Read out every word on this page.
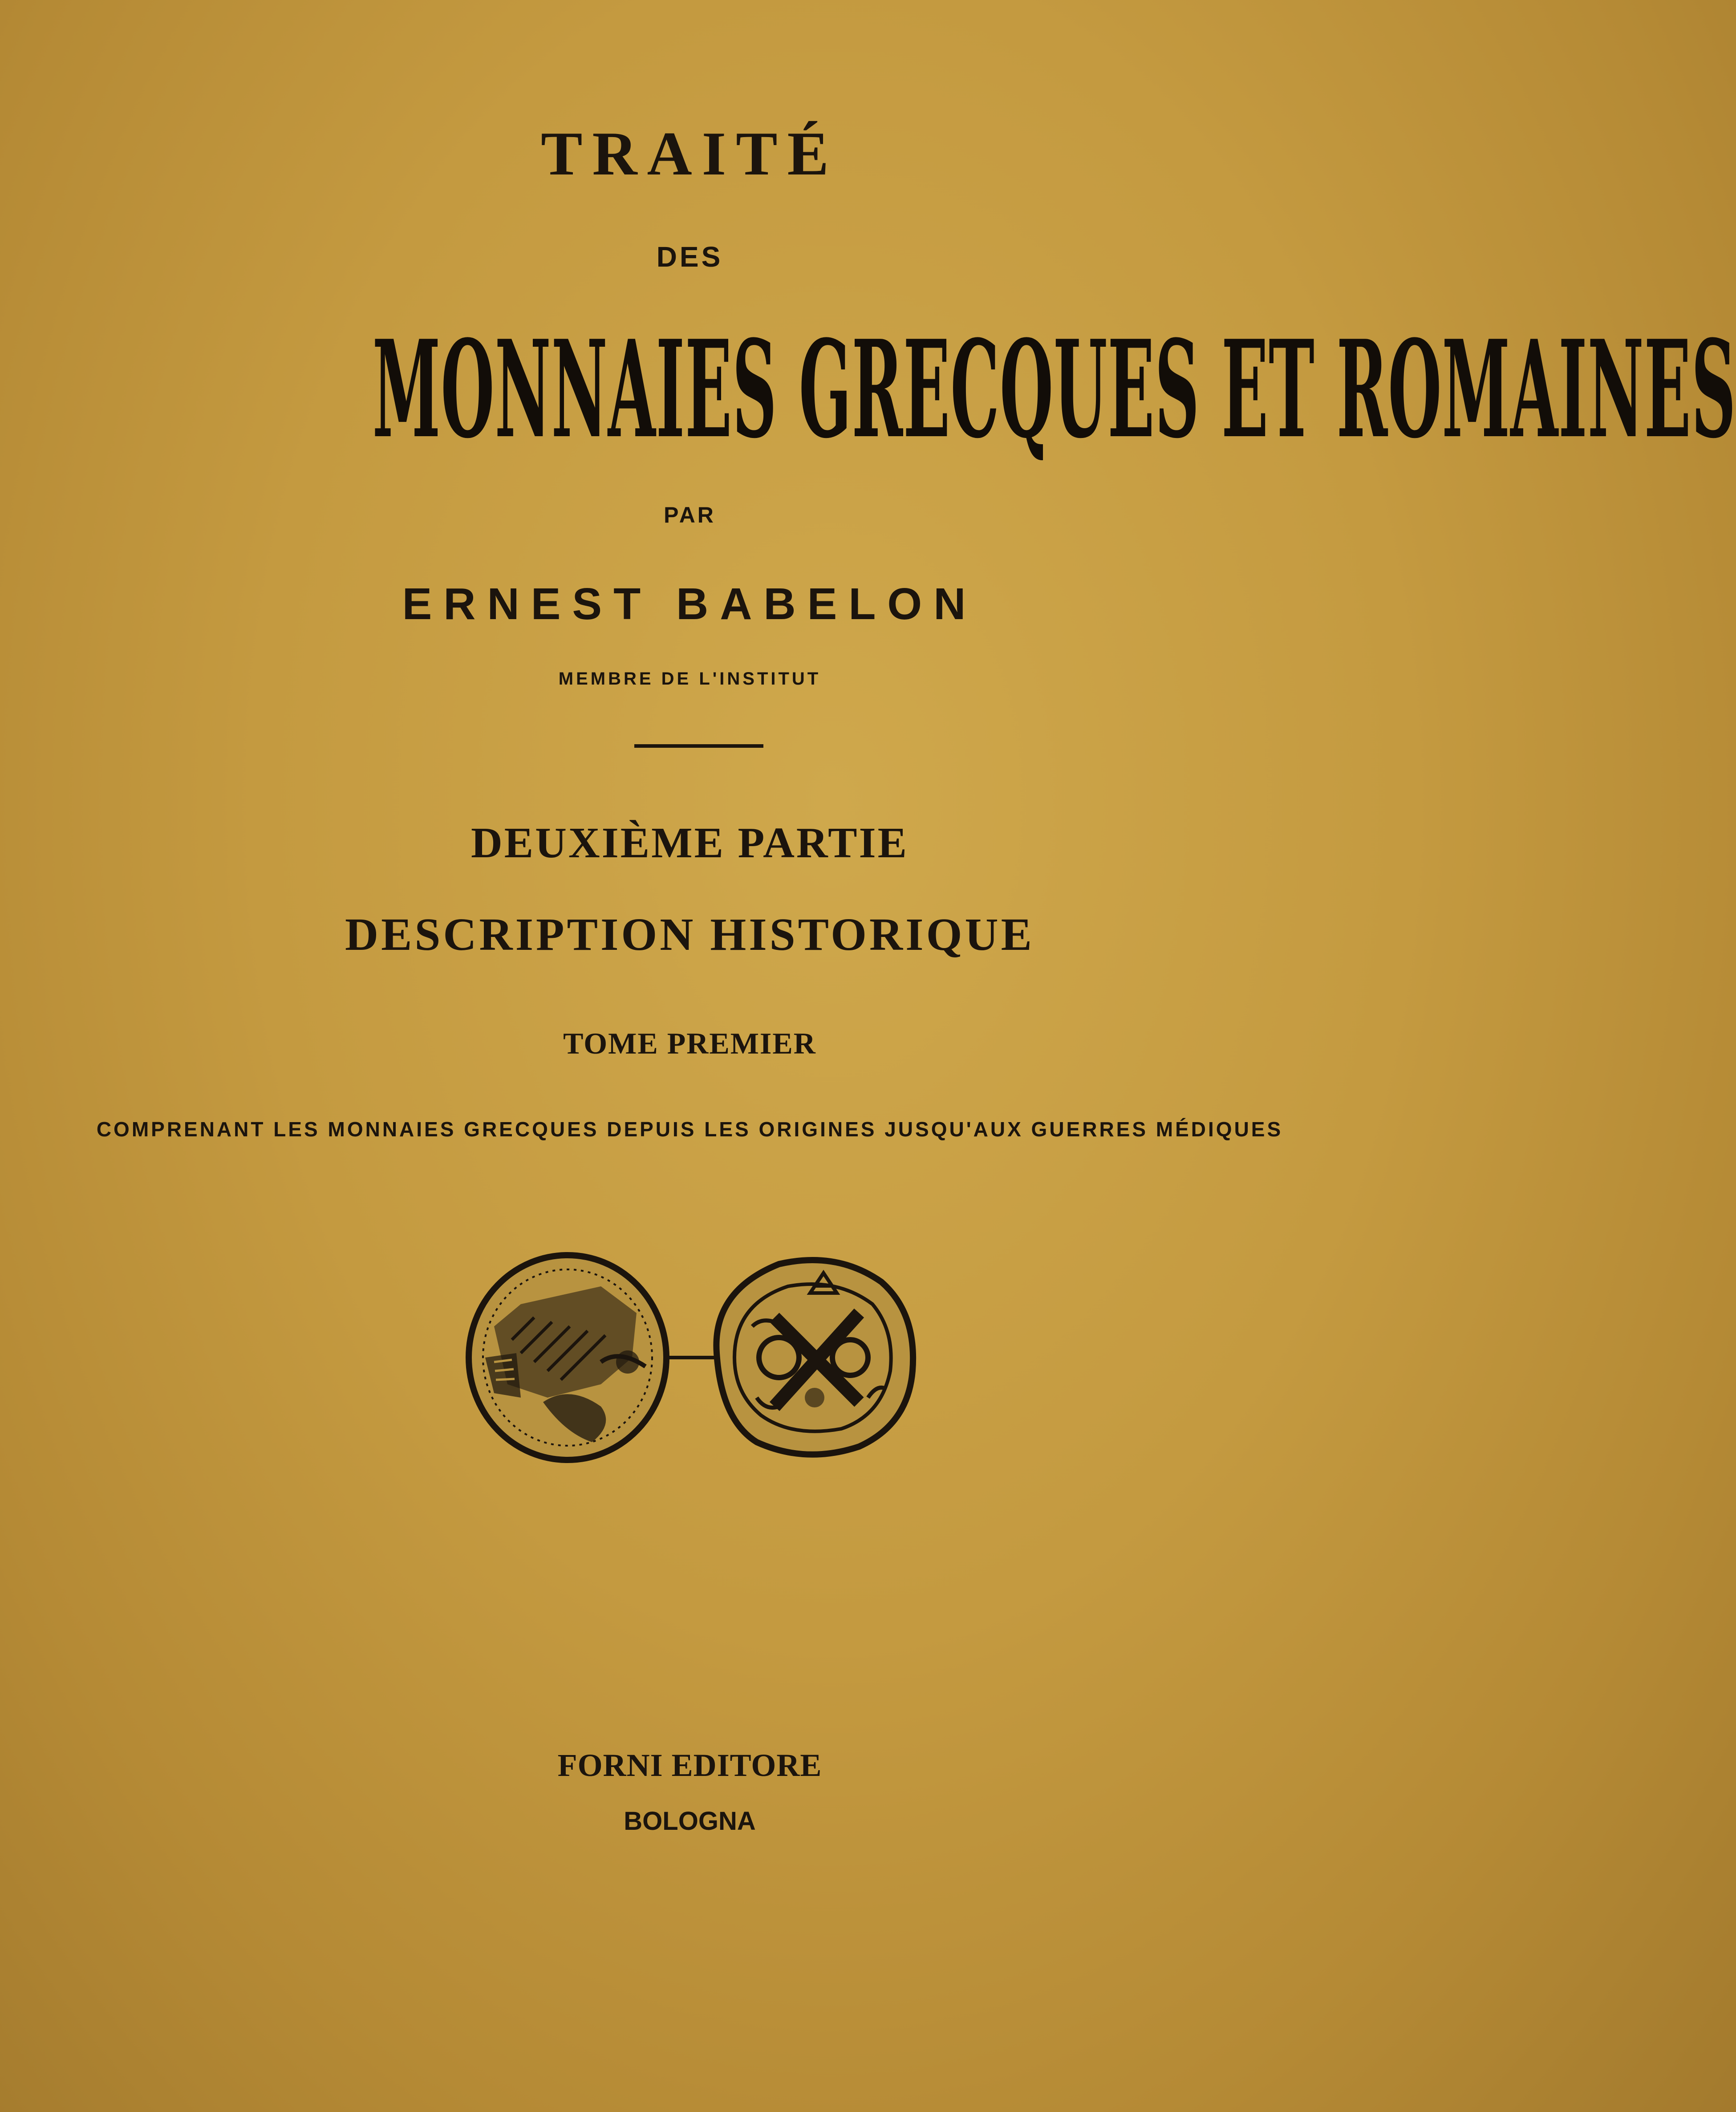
TRAITÉ
DES
MONNAIES GRECQUES ET ROMAINES
PAR
ERNEST BABELON
MEMBRE DE L'INSTITUT
DEUXIÈME PARTIE
DESCRIPTION HISTORIQUE
TOME PREMIER
COMPRENANT LES MONNAIES GRECQUES DEPUIS LES ORIGINES JUSQU'AUX GUERRES MÉDIQUES
FORNI EDITORE
BOLOGNA
